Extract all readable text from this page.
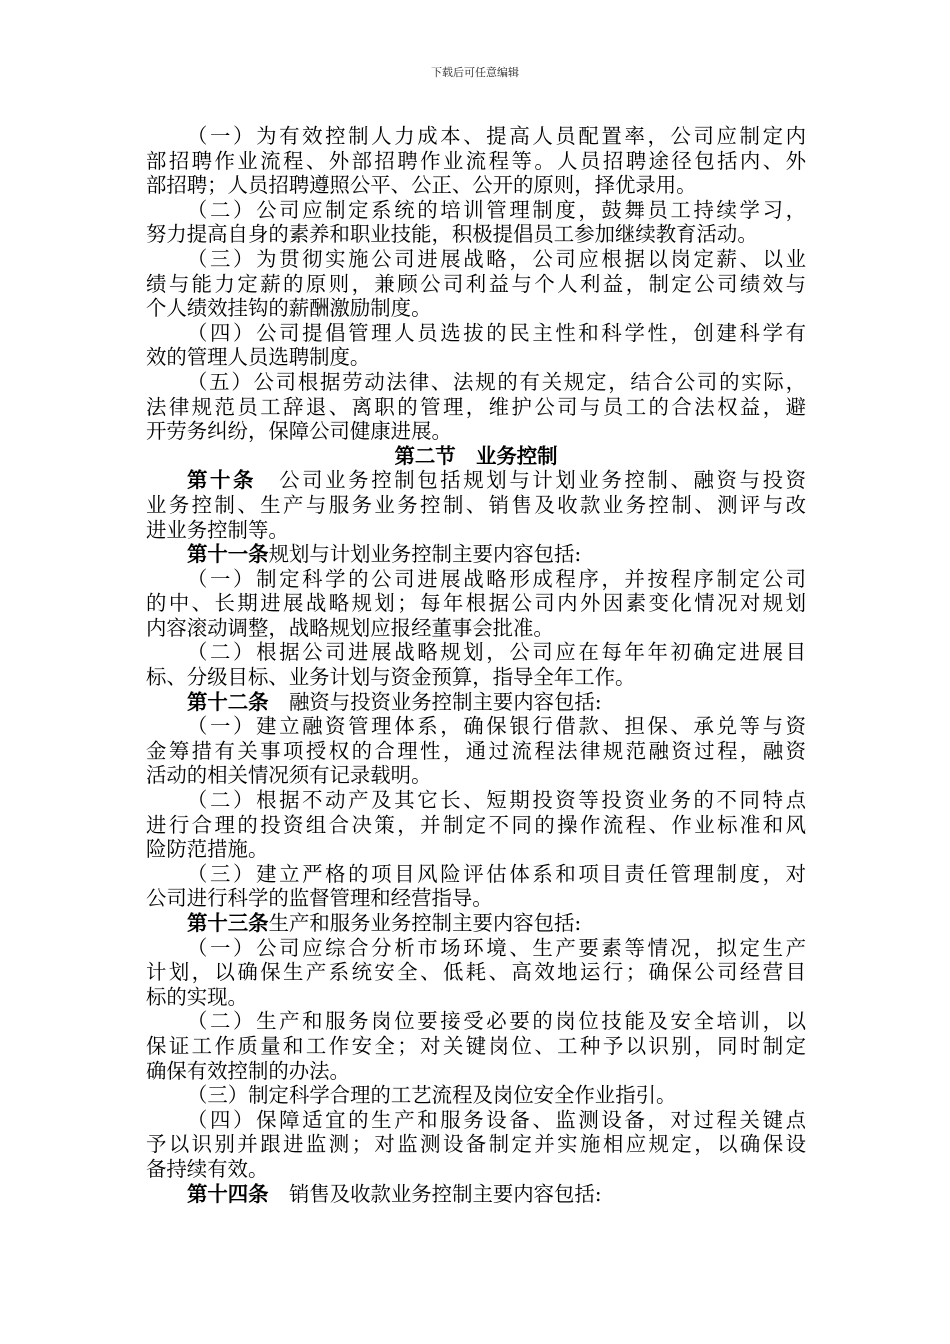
下载后可任意编辑
（一）为有效控制人力成本、提高人员配置率，公司应制定内
部招聘作业流程、外部招聘作业流程等。人员招聘途径包括内、外
部招聘；人员招聘遵照公平、公正、公开的原则，择优录用。
（二）公司应制定系统的培训管理制度，鼓舞员工持续学习，
努力提高自身的素养和职业技能，积极提倡员工参加继续教育活动。
（三）为贯彻实施公司进展战略，公司应根据以岗定薪、以业
绩与能力定薪的原则，兼顾公司利益与个人利益，制定公司绩效与
个人绩效挂钩的薪酬激励制度。
（四）公司提倡管理人员选拔的民主性和科学性，创建科学有
效的管理人员选聘制度。
（五）公司根据劳动法律、法规的有关规定，结合公司的实际，
法律规范员工辞退、离职的管理，维护公司与员工的合法权益，避
开劳务纠纷，保障公司健康进展。
第二节　业务控制
第十条　公司业务控制包括规划与计划业务控制、融资与投资
业务控制、生产与服务业务控制、销售及收款业务控制、测评与改
进业务控制等。
第十一条规划与计划业务控制主要内容包括:
（一）制定科学的公司进展战略形成程序，并按程序制定公司
的中、长期进展战略规划；每年根据公司内外因素变化情况对规划
内容滚动调整，战略规划应报经董事会批准。
（二）根据公司进展战略规划，公司应在每年年初确定进展目
标、分级目标、业务计划与资金预算，指导全年工作。
第十二条　融资与投资业务控制主要内容包括:
（一）建立融资管理体系，确保银行借款、担保、承兑等与资
金筹措有关事项授权的合理性，通过流程法律规范融资过程，融资
活动的相关情况须有记录载明。
（二）根据不动产及其它长、短期投资等投资业务的不同特点
进行合理的投资组合决策，并制定不同的操作流程、作业标准和风
险防范措施。
（三）建立严格的项目风险评估体系和项目责任管理制度，对
公司进行科学的监督管理和经营指导。
第十三条生产和服务业务控制主要内容包括:
（一）公司应综合分析市场环境、生产要素等情况，拟定生产
计划，以确保生产系统安全、低耗、高效地运行；确保公司经营目
标的实现。
（二）生产和服务岗位要接受必要的岗位技能及安全培训，以
保证工作质量和工作安全；对关键岗位、工种予以识别，同时制定
确保有效控制的办法。
（三）制定科学合理的工艺流程及岗位安全作业指引。
（四）保障适宜的生产和服务设备、监测设备，对过程关键点
予以识别并跟进监测；对监测设备制定并实施相应规定，以确保设
备持续有效。
第十四条　销售及收款业务控制主要内容包括:
